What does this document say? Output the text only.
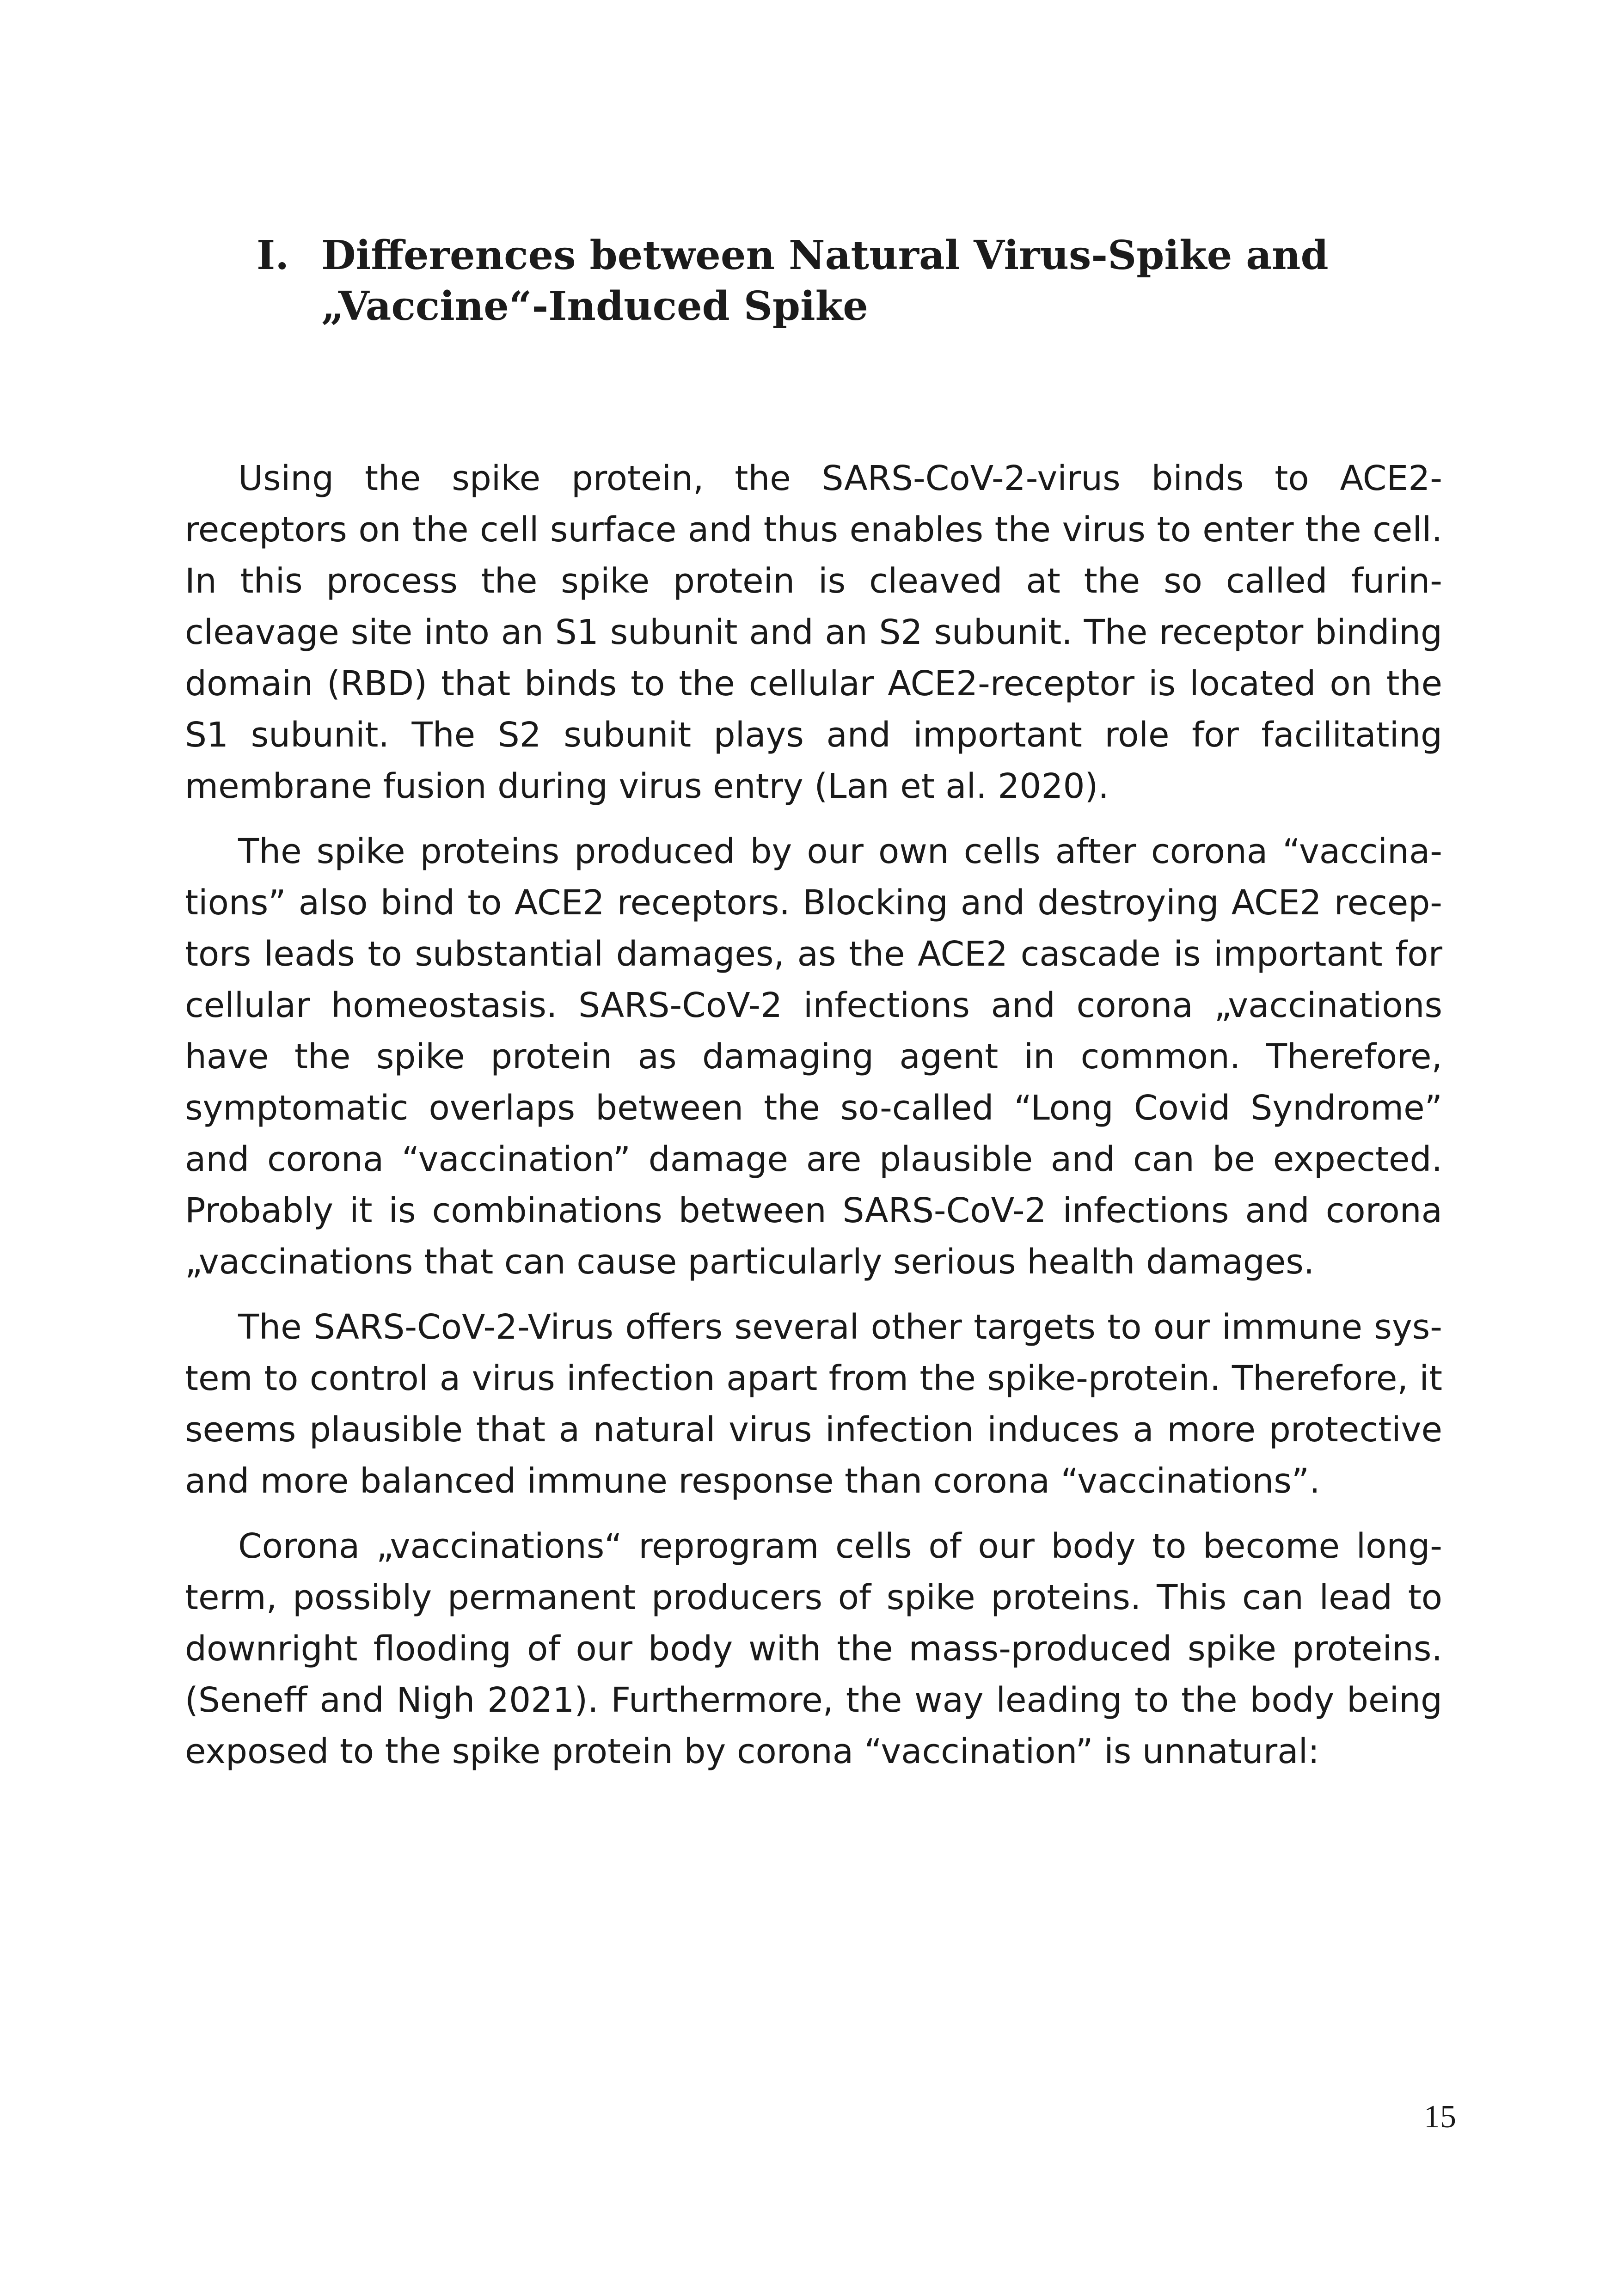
I. Differences between Natural Virus-Spike and „Vaccine“-Induced Spike

Using the spike protein, the SARS-CoV-2-virus binds to ACE2-receptors on the cell surface and thus enables the virus to enter the cell. In this process the spike protein is cleaved at the so called furin-cleavage site into an S1 subunit and an S2 subunit. The receptor binding domain (RBD) that binds to the cellular ACE2-receptor is located on the S1 subunit. The S2 subunit plays and important role for facilitating membrane fusion during virus entry (Lan et al. 2020).

The spike proteins produced by our own cells after corona “vaccinations” also bind to ACE2 receptors. Blocking and destroying ACE2 receptors leads to substantial damages, as the ACE2 cascade is important for cellular homeostasis. SARS-CoV-2 infections and corona „vaccinations have the spike protein as damaging agent in common. Therefore, symptomatic overlaps between the so-called “Long Covid Syndrome” and corona “vaccination” damage are plausible and can be expected. Probably it is combinations between SARS-CoV-2 infections and corona „vaccinations that can cause particularly serious health damages.

The SARS-CoV-2-Virus offers several other targets to our immune system to control a virus infection apart from the spike-protein. Therefore, it seems plausible that a natural virus infection induces a more protective and more balanced immune response than corona “vaccinations”.

Corona „vaccinations“ reprogram cells of our body to become long-term, possibly permanent producers of spike proteins. This can lead to downright flooding of our body with the mass-produced spike proteins. (Seneff and Nigh 2021). Furthermore, the way leading to the body being exposed to the spike protein by corona “vaccination” is unnatural:

15
